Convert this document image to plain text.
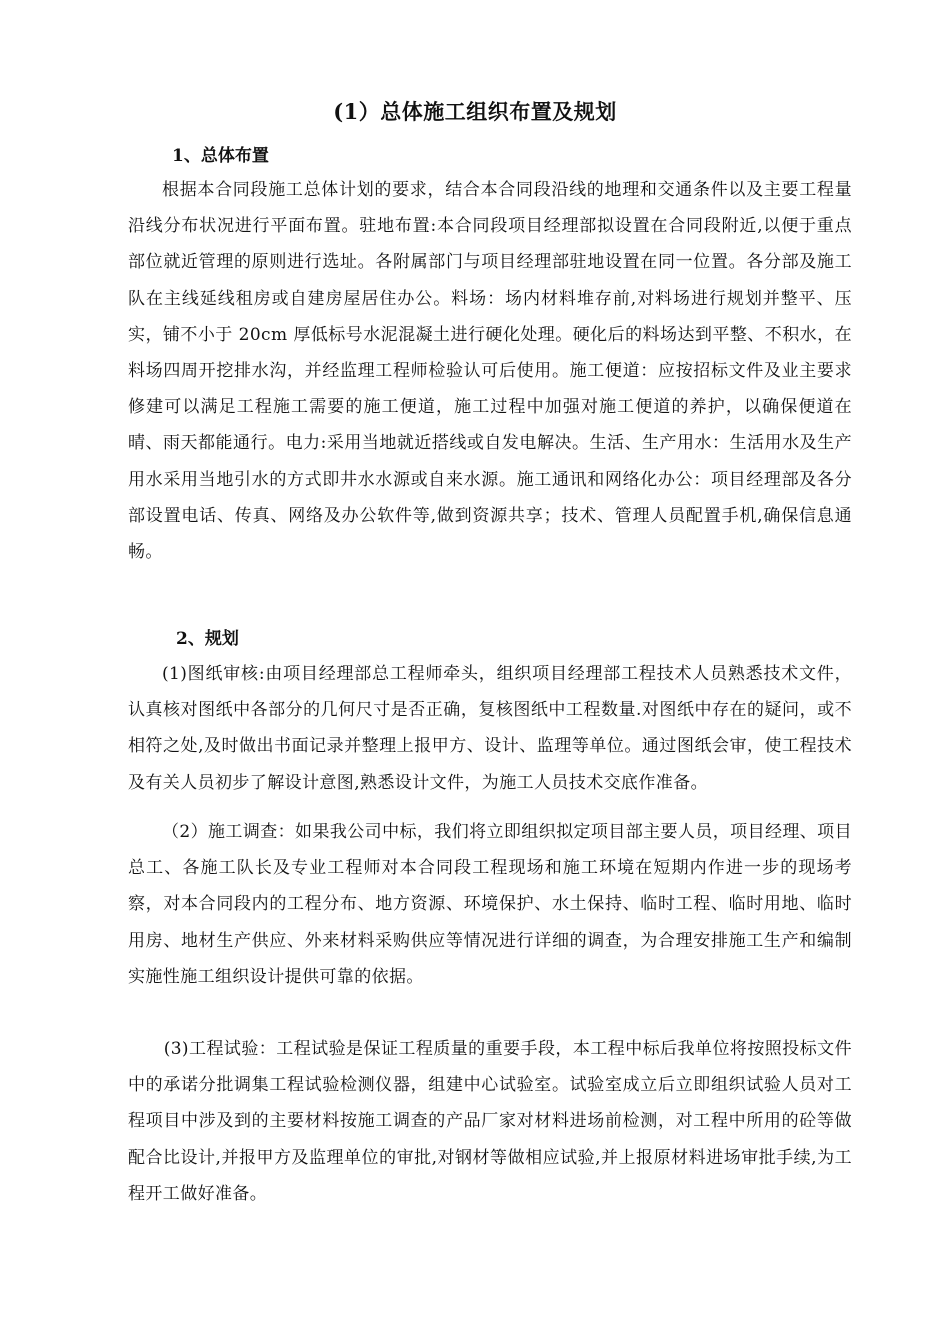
(1）总体施工组织布置及规划
1、总体布置

根据本合同段施工总体计划的要求，结合本合同段沿线的地理和交通条件以及主要工程量沿线分布状况进行平面布置。驻地布置:本合同段项目经理部拟设置在合同段附近,以便于重点部位就近管理的原则进行选址。各附属部门与项目经理部驻地设置在同一位置。各分部及施工队在主线延线租房或自建房屋居住办公。料场：场内材料堆存前,对料场进行规划并整平、压实，铺不小于 20cm 厚低标号水泥混凝土进行硬化处理。硬化后的料场达到平整、不积水，在料场四周开挖排水沟，并经监理工程师检验认可后使用。施工便道：应按招标文件及业主要求修建可以满足工程施工需要的施工便道，施工过程中加强对施工便道的养护，以确保便道在晴、雨天都能通行。电力:采用当地就近搭线或自发电解决。生活、生产用水：生活用水及生产用水采用当地引水的方式即井水水源或自来水源。施工通讯和网络化办公：项目经理部及各分部设置电话、传真、网络及办公软件等,做到资源共享；技术、管理人员配置手机,确保信息通畅。

2、规划

(1)图纸审核:由项目经理部总工程师牵头，组织项目经理部工程技术人员熟悉技术文件，认真核对图纸中各部分的几何尺寸是否正确，复核图纸中工程数量.对图纸中存在的疑问，或不相符之处,及时做出书面记录并整理上报甲方、设计、监理等单位。通过图纸会审，使工程技术及有关人员初步了解设计意图,熟悉设计文件，为施工人员技术交底作准备。

（2）施工调查：如果我公司中标，我们将立即组织拟定项目部主要人员，项目经理、项目总工、各施工队长及专业工程师对本合同段工程现场和施工环境在短期内作进一步的现场考察，对本合同段内的工程分布、地方资源、环境保护、水土保持、临时工程、临时用地、临时用房、地材生产供应、外来材料采购供应等情况进行详细的调查，为合理安排施工生产和编制实施性施工组织设计提供可靠的依据。

(3)工程试验：工程试验是保证工程质量的重要手段，本工程中标后我单位将按照投标文件中的承诺分批调集工程试验检测仪器，组建中心试验室。试验室成立后立即组织试验人员对工程项目中涉及到的主要材料按施工调查的产品厂家对材料进场前检测，对工程中所用的砼等做配合比设计,并报甲方及监理单位的审批,对钢材等做相应试验,并上报原材料进场审批手续,为工程开工做好准备。
